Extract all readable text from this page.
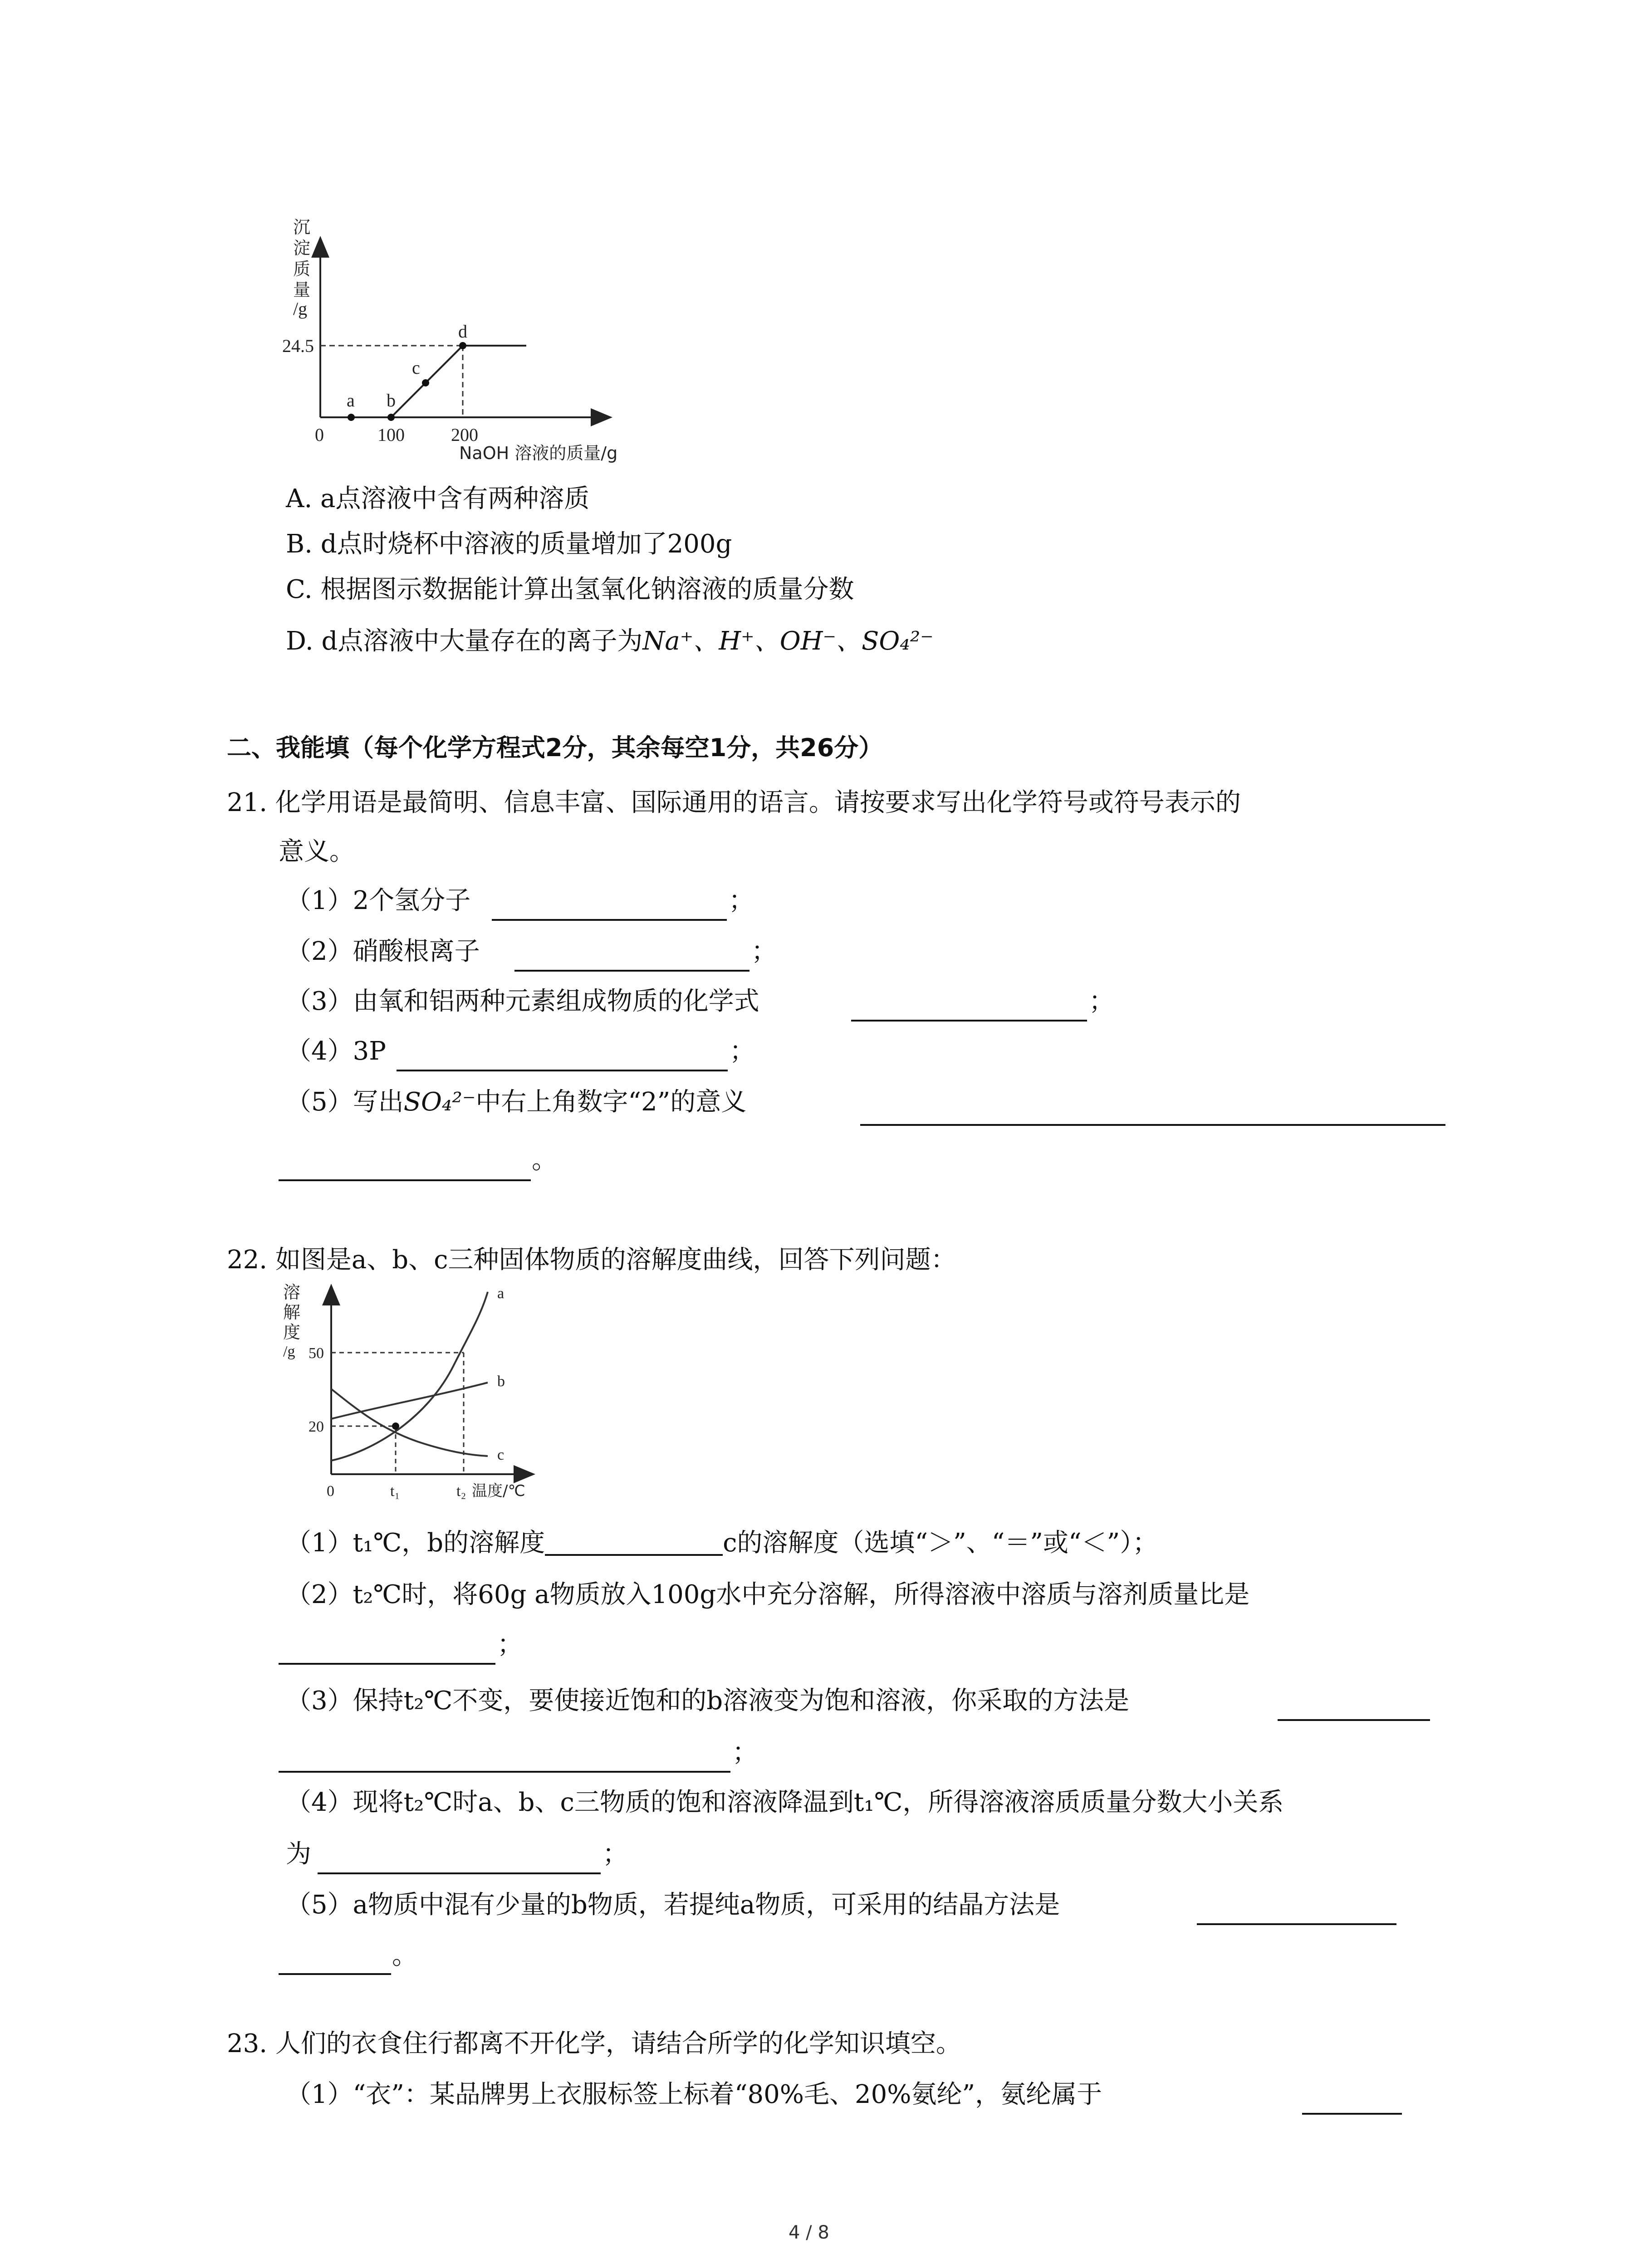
沉
淀
质
量
/g
a b
c
d
24.5
0	100	200
NaOH 溶液的质量/g
A. a点溶液中含有两种溶质
B. d点时烧杯中溶液的质量增加了200g
C. 根据图示数据能计算出氢氧化钠溶液的质量分数
D. d点溶液中大量存在的离子为Na⁺、H⁺、OH⁻、SO₄²⁻
二、我能填（每个化学方程式2分，其余每空1分，共26分）
21. 化学用语是最简明、信息丰富、国际通用的语言。请按要求写出化学符号或符号表示的
意义。
（1）2个氢分子	；
（2）硝酸根离子	；
（3）由氧和铝两种元素组成物质的化学式	；
（4）3P	；
（5）写出SO₄²⁻中右上角数字“2”的意义
。
22. 如图是a、b、c三种固体物质的溶解度曲线，回答下列问题：
溶
解
度
/g
a
b
c
50
20
0	t₁	t₂ 温度/℃
（1）t₁℃，b的溶解度	c的溶解度（选填“＞”、“＝”或“＜”）；
（2）t₂℃时，将60g a物质放入100g水中充分溶解，所得溶液中溶质与溶剂质量比是
；
（3）保持t₂℃不变，要使接近饱和的b溶液变为饱和溶液，你采取的方法是
；
（4）现将t₂℃时a、b、c三物质的饱和溶液降温到t₁℃，所得溶液溶质质量分数大小关系
为	；
（5）a物质中混有少量的b物质，若提纯a物质，可采用的结晶方法是
。
23. 人们的衣食住行都离不开化学，请结合所学的化学知识填空。
（1）“衣”：某品牌男上衣服标签上标着“80%毛、20%氨纶”，氨纶属于
4 / 8
